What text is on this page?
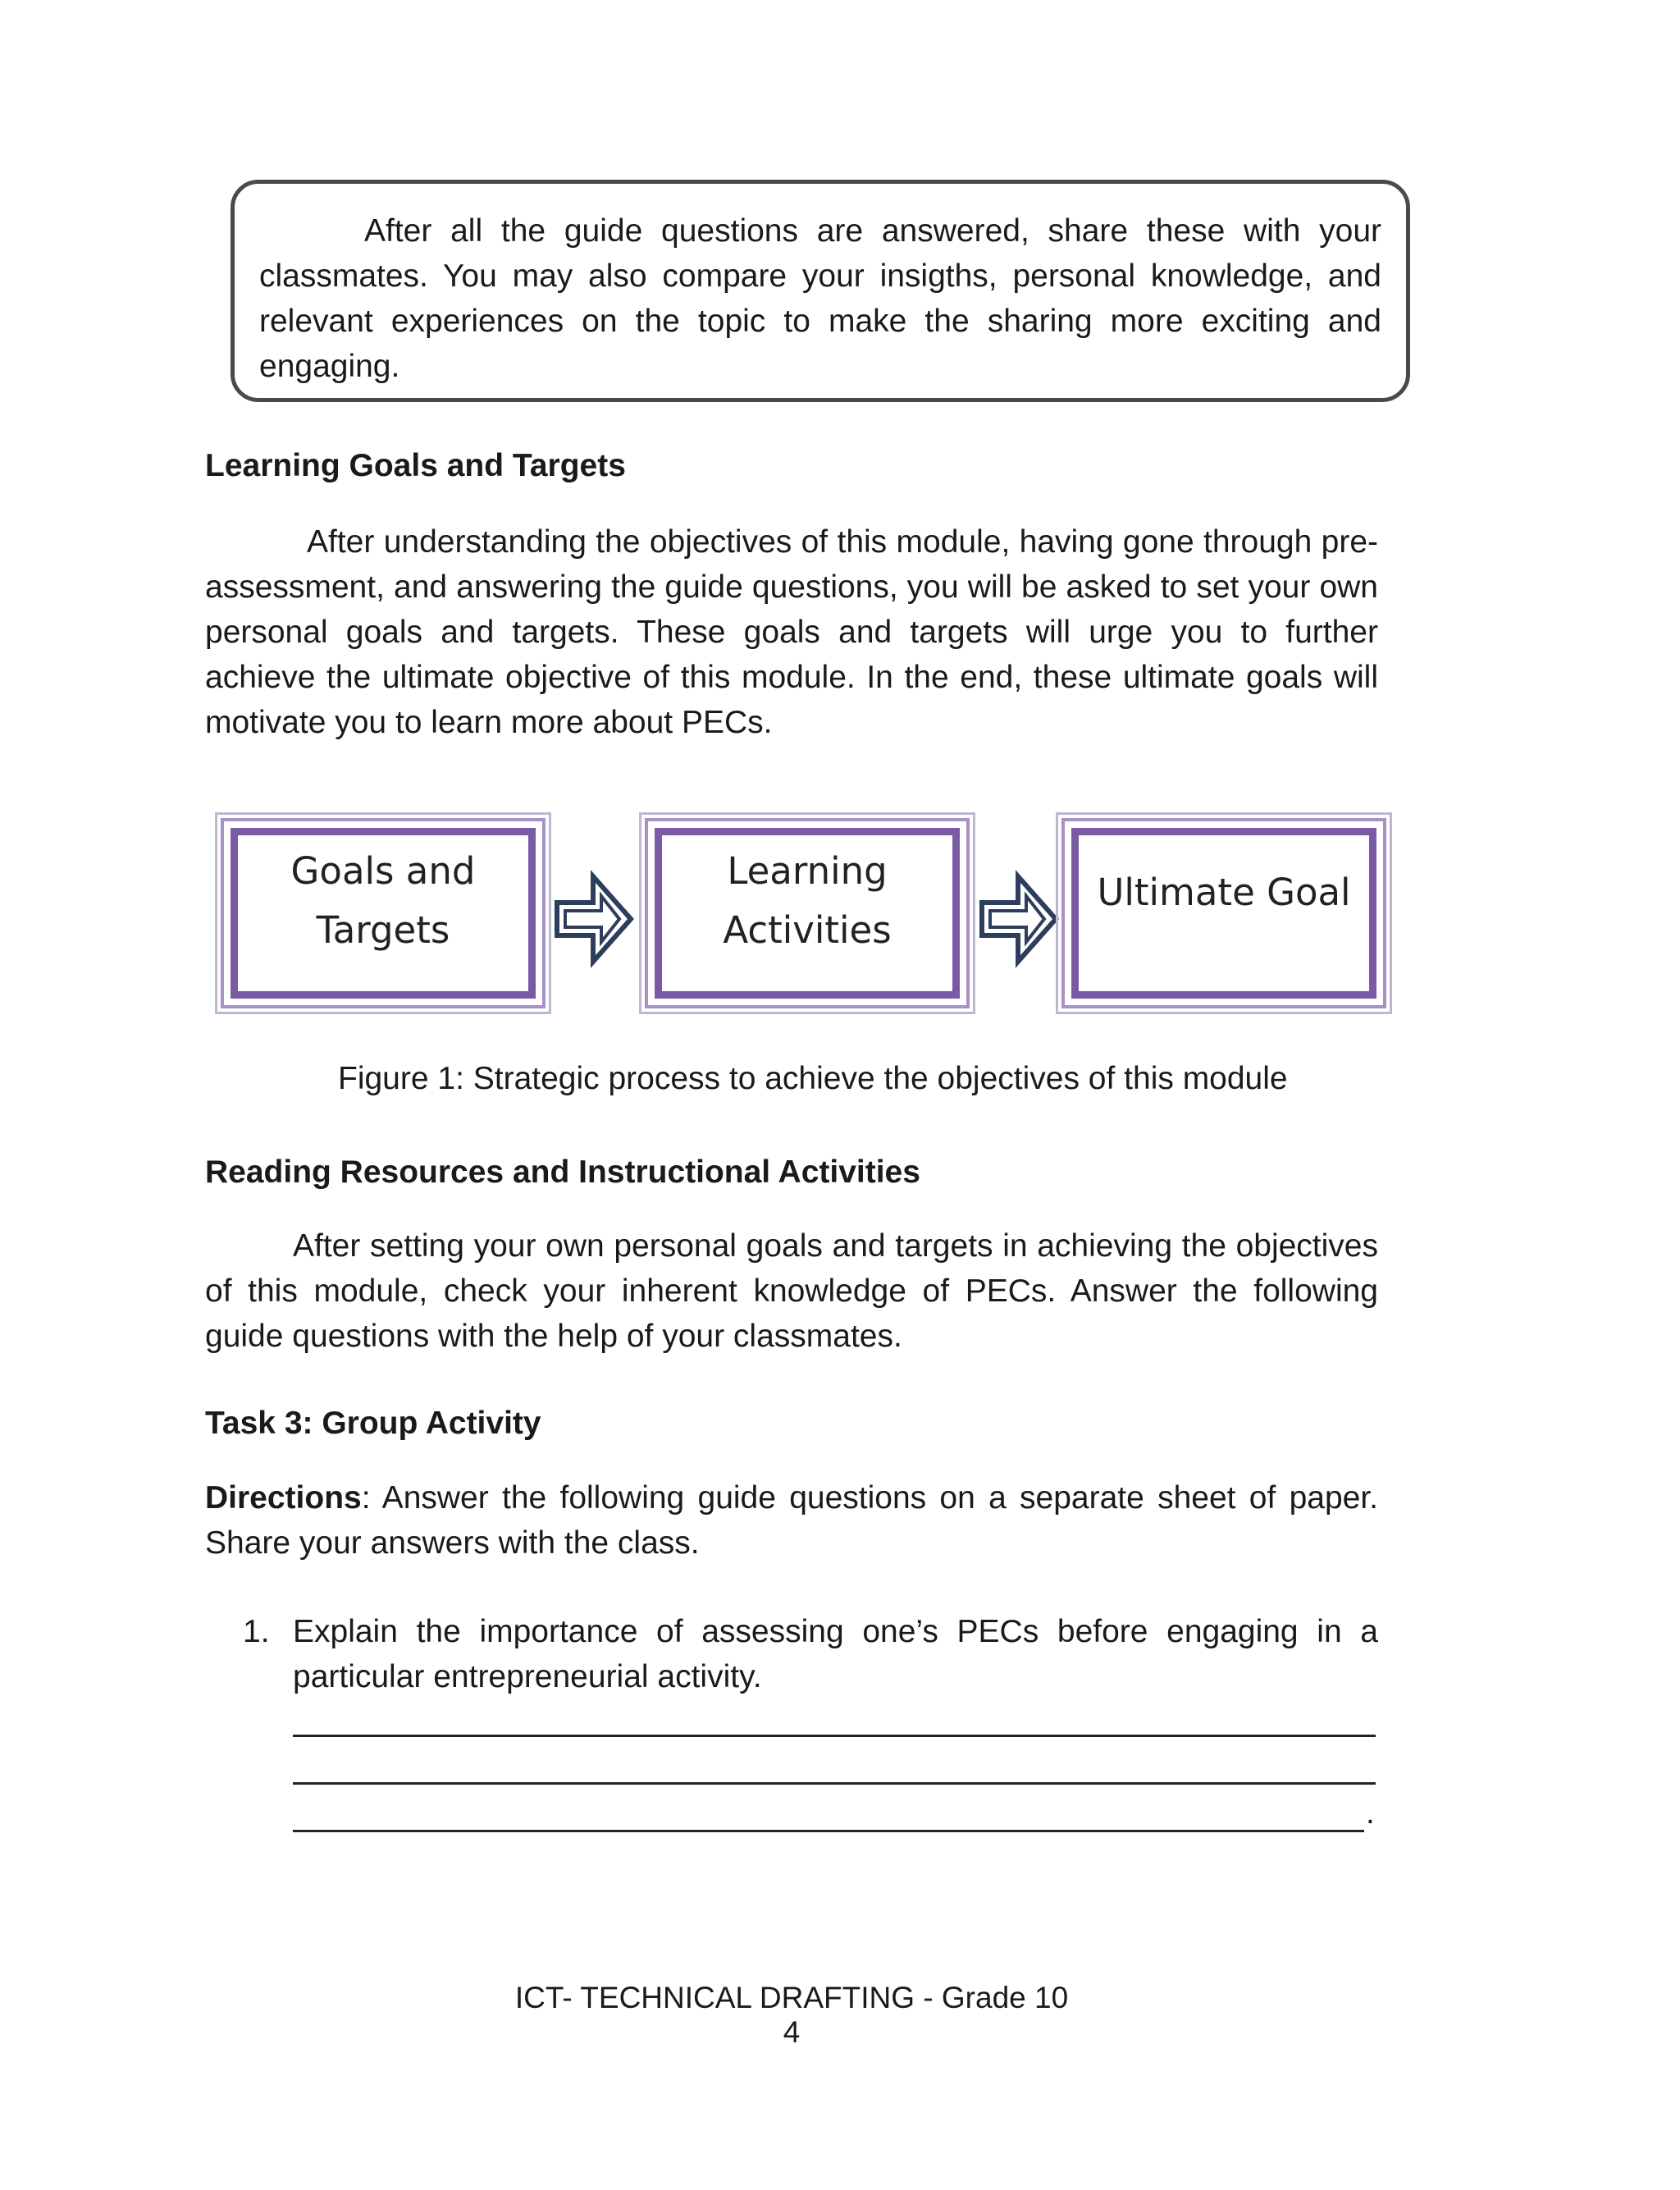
After all the guide questions are answered, share these with your classmates. You may also compare your insigths, personal knowledge, and relevant experiences on the topic to make the sharing more exciting and engaging.

Learning Goals and Targets

After understanding the objectives of this module, having gone through pre-assessment, and answering the guide questions, you will be asked to set your own personal goals and targets. These goals and targets will urge you to further achieve the ultimate objective of this module. In the end, these ultimate goals will motivate you to learn more about PECs.

Goals and
Targets
Learning
Activities
Ultimate Goal

Figure 1: Strategic process to achieve the objectives of this module

Reading Resources and Instructional Activities

After setting your own personal goals and targets in achieving the objectives of this module, check your inherent knowledge of PECs. Answer the following guide questions with the help of your classmates.

Task 3: Group Activity

Directions: Answer the following guide questions on a separate sheet of paper. Share your answers with the class.

1. Explain the importance of assessing one’s PECs before engaging in a particular entrepreneurial activity.
.

ICT- TECHNICAL DRAFTING - Grade 10

4
